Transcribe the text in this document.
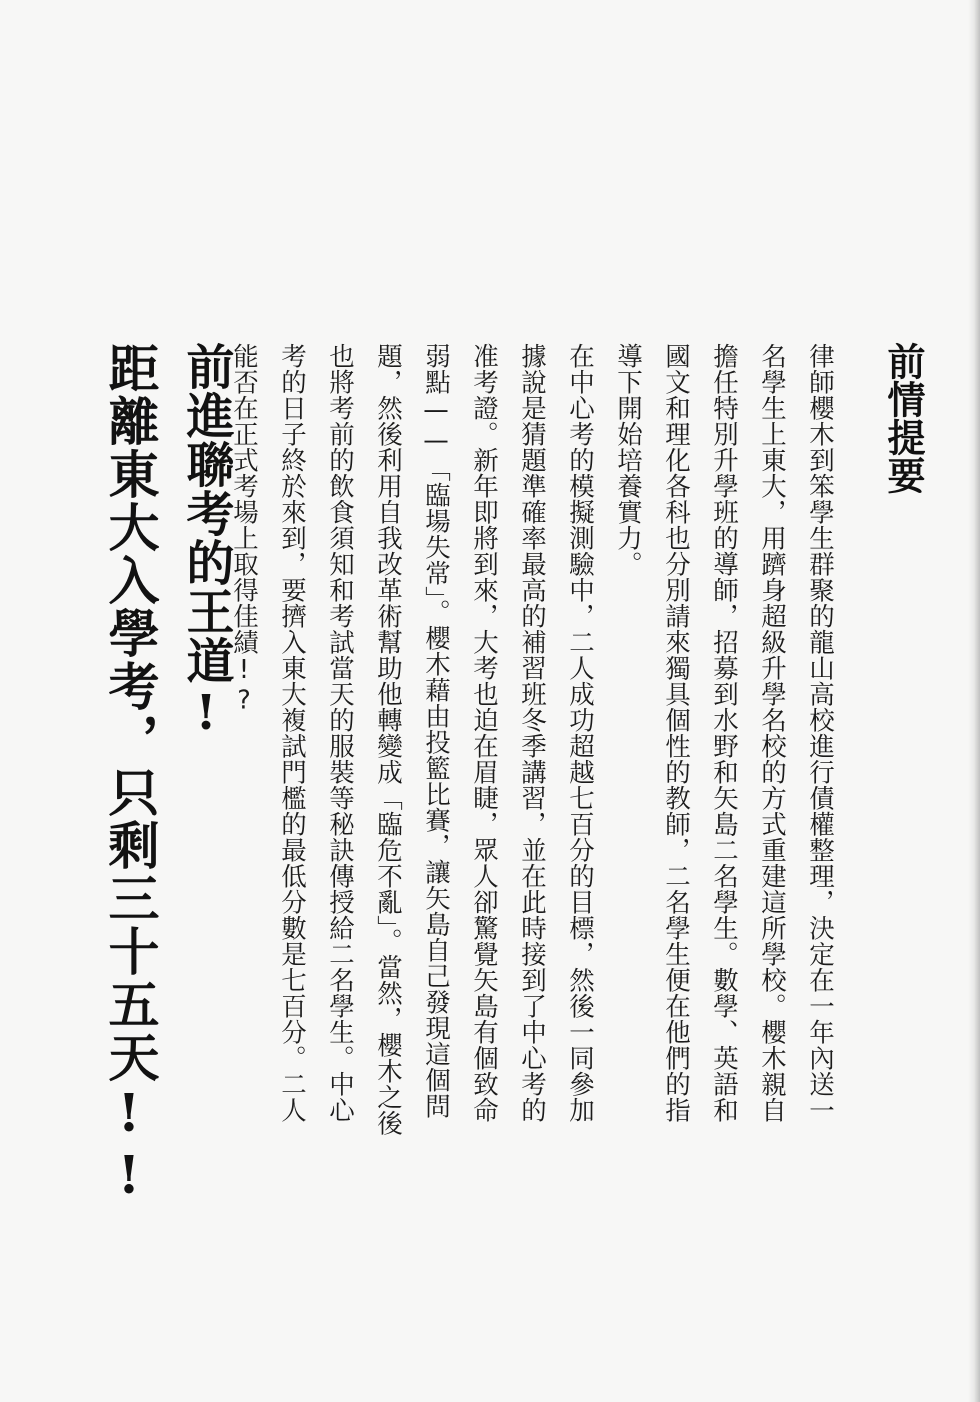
前情提要

律師櫻木到笨學生群聚的龍山高校進行債權整理，決定在一年內送一名學生上東大，用躋身超級升學名校的方式重建這所學校。櫻木親自擔任特別升學班的導師，招募到水野和矢島二名學生。數學、英語和國文和理化各科也分別請來獨具個性的教師，二名學生便在他們的指導下開始培養實力。

在中心考的模擬測驗中，二人成功超越七百分的目標，然後一同參加據說是猜題準確率最高的補習班冬季講習，並在此時接到了中心考的准考證。新年即將到來，大考也迫在眉睫，眾人卻驚覺矢島有個致命弱點——「臨場失常」。櫻木藉由投籃比賽，讓矢島自己發現這個問題，然後利用自我改革術幫助他轉變成「臨危不亂」。當然，櫻木之後也將考前的飲食須知和考試當天的服裝等秘訣傳授給二名學生。中心考的日子終於來到，要擠入東大複試門檻的最低分數是七百分。二人能否在正式考場上取得佳績!?

前進聯考的王道!
距離東大入學考，只剩三十五天!!
